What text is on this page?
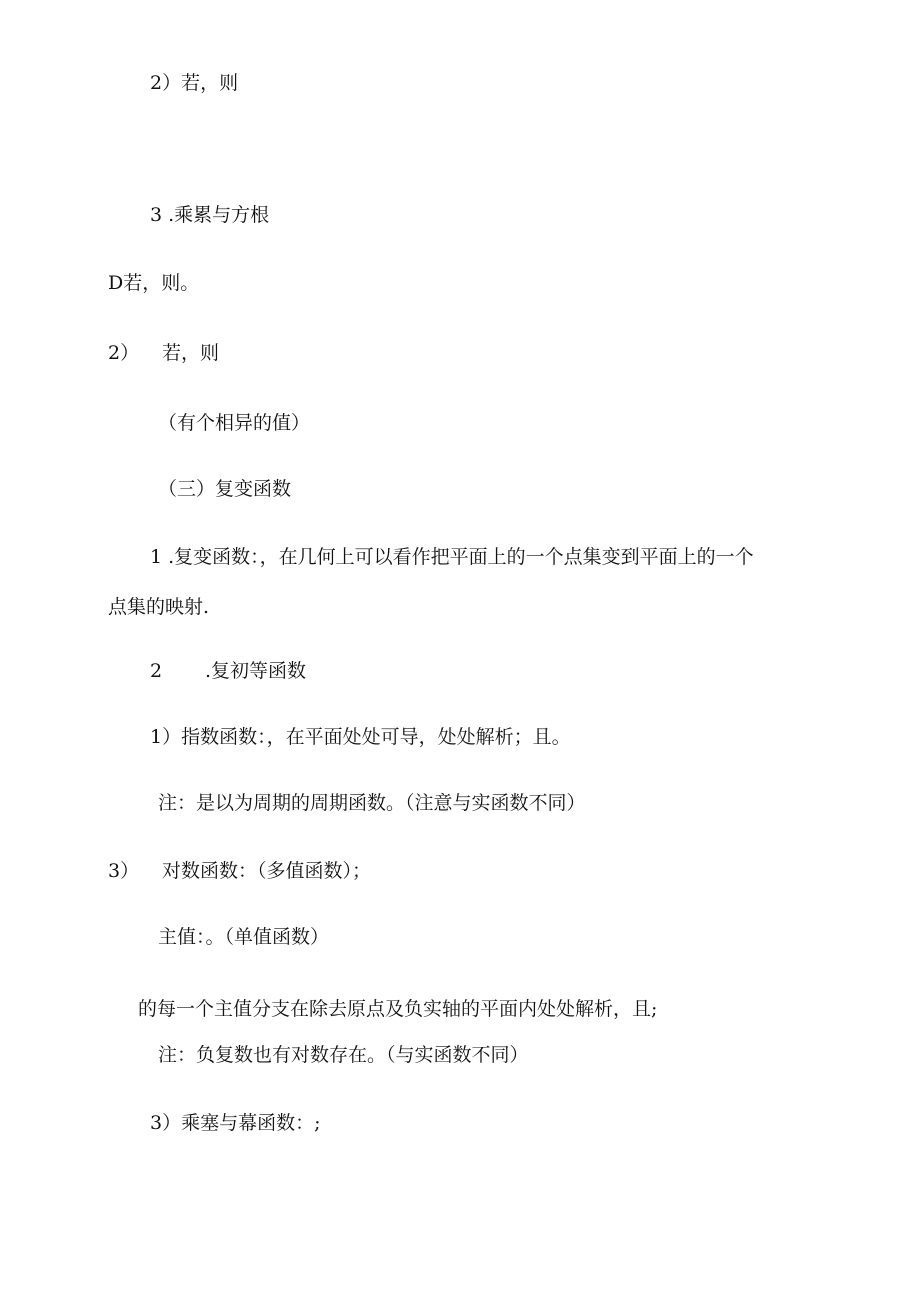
2）若，则
3 .乘累与方根
D若，则。
2） 若，则
（有个相异的值）
（三）复变函数
1 .复变函数：，在几何上可以看作把平面上的一个点集变到平面上的一个
点集的映射.
2 .复初等函数
1）指数函数：，在平面处处可导，处处解析；且。
注：是以为周期的周期函数。（注意与实函数不同）
3） 对数函数：（多值函数）；
主值：。（单值函数）
的每一个主值分支在除去原点及负实轴的平面内处处解析，且;
注：负复数也有对数存在。（与实函数不同）
3）乘塞与幕函数：;
